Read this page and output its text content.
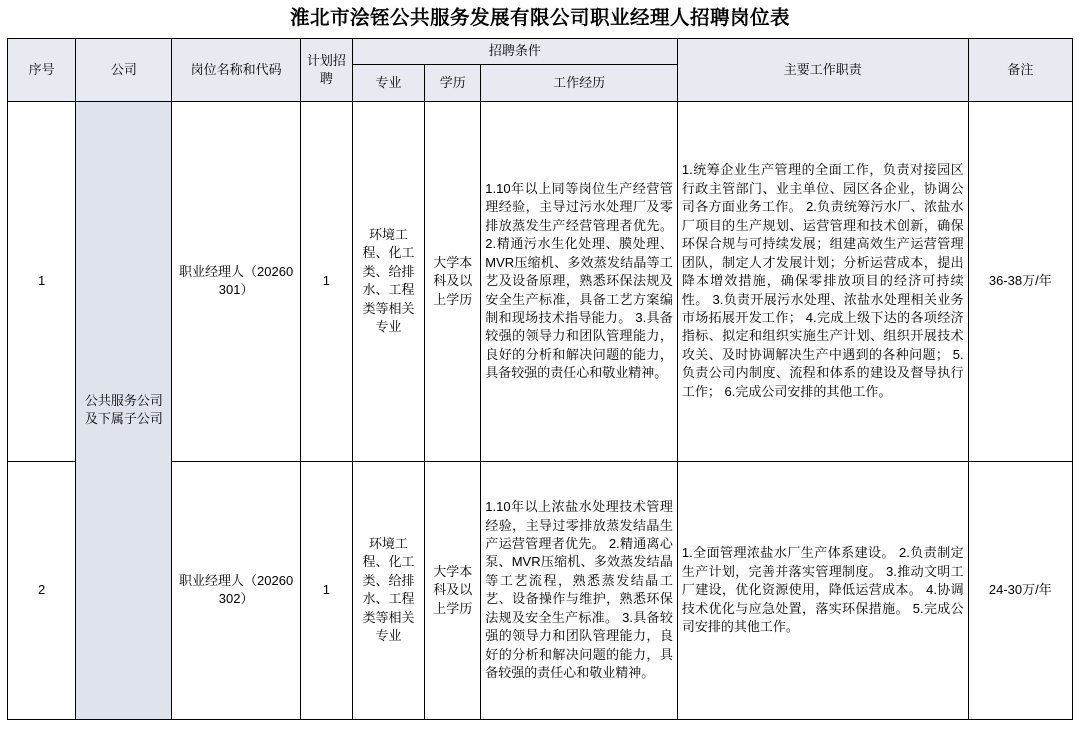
淮北市浍铚公共服务发展有限公司职业经理人招聘岗位表
序号	公司	岗位名称和代码	计划招聘	招聘条件			主要工作职责	备注
				专业	学历	工作经历		
1	公共服务公司及下属子公司	职业经理人（20260301）	1	环境工程、化工类、给排水、工程类等相关专业	大学本科及以上学历	1.10年以上同等岗位生产经营管理经验，主导过污水处理厂及零排放蒸发生产经营管理者优先。 2.精通污水生化处理、膜处理、MVR压缩机、多效蒸发结晶等工艺及设备原理，熟悉环保法规及安全生产标准，具备工艺方案编制和现场技术指导能力。 3.具备较强的领导力和团队管理能力，良好的分析和解决问题的能力，具备较强的责任心和敬业精神。	1.统筹企业生产管理的全面工作，负责对接园区行政主管部门、业主单位、园区各企业，协调公司各方面业务工作。 2.负责统筹污水厂、浓盐水厂项目的生产规划、运营管理和技术创新，确保环保合规与可持续发展；组建高效生产运营管理团队，制定人才发展计划；分析运营成本，提出降本增效措施，确保零排放项目的经济可持续性。 3.负责开展污水处理、浓盐水处理相关业务市场拓展开发工作； 4.完成上级下达的各项经济指标、拟定和组织实施生产计划、组织开展技术攻关、及时协调解决生产中遇到的各种问题； 5.负责公司内制度、流程和体系的建设及督导执行工作； 6.完成公司安排的其他工作。	36-38万/年
2		职业经理人（20260302）	1	环境工程、化工类、给排水、工程类等相关专业	大学本科及以上学历	1.10年以上浓盐水处理技术管理经验，主导过零排放蒸发结晶生产运营管理者优先。 2.精通离心泵、MVR压缩机、多效蒸发结晶等工艺流程，熟悉蒸发结晶工艺、设备操作与维护，熟悉环保法规及安全生产标准。 3.具备较强的领导力和团队管理能力，良好的分析和解决问题的能力，具备较强的责任心和敬业精神。	1.全面管理浓盐水厂生产体系建设。 2.负责制定生产计划，完善并落实管理制度。 3.推动文明工厂建设，优化资源使用，降低运营成本。 4.协调技术优化与应急处置，落实环保措施。 5.完成公司安排的其他工作。	24-30万/年
